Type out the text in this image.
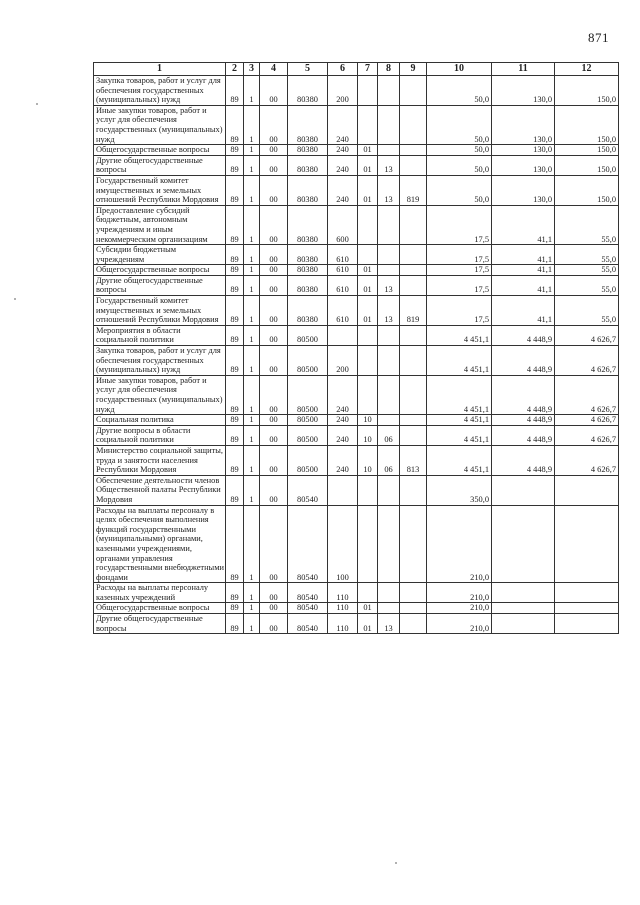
871
1	2	3	4	5	6	7	8	9	10	11	12
Закупка товаров, работ и услуг для обеспечения государственных (муниципальных) нужд	89	1	00	80380	200				50,0	130,0	150,0
Иные закупки товаров, работ и услуг для обеспечения государственных (муниципальных) нужд	89	1	00	80380	240				50,0	130,0	150,0
Общегосударственные вопросы	89	1	00	80380	240	01			50,0	130,0	150,0
Другие общегосударственные вопросы	89	1	00	80380	240	01	13		50,0	130,0	150,0
Государственный комитет имущественных и земельных отношений Республики Мордовия	89	1	00	80380	240	01	13	819	50,0	130,0	150,0
Предоставление субсидий бюджетным, автономным учреждениям и иным некоммерческим организациям	89	1	00	80380	600				17,5	41,1	55,0
Субсидии бюджетным учреждениям	89	1	00	80380	610				17,5	41,1	55,0
Общегосударственные вопросы	89	1	00	80380	610	01			17,5	41,1	55,0
Другие общегосударственные вопросы	89	1	00	80380	610	01	13		17,5	41,1	55,0
Государственный комитет имущественных и земельных отношений Республики Мордовия	89	1	00	80380	610	01	13	819	17,5	41,1	55,0
Мероприятия в области социальной политики	89	1	00	80500					4 451,1	4 448,9	4 626,7
Закупка товаров, работ и услуг для обеспечения государственных (муниципальных) нужд	89	1	00	80500	200				4 451,1	4 448,9	4 626,7
Иные закупки товаров, работ и услуг для обеспечения государственных (муниципальных) нужд	89	1	00	80500	240				4 451,1	4 448,9	4 626,7
Социальная политика	89	1	00	80500	240	10			4 451,1	4 448,9	4 626,7
Другие вопросы в области социальной политики	89	1	00	80500	240	10	06		4 451,1	4 448,9	4 626,7
Министерство социальной защиты, труда и занятости населения Республики Мордовия	89	1	00	80500	240	10	06	813	4 451,1	4 448,9	4 626,7
Обеспечение деятельности членов Общественной палаты Республики Мордовия	89	1	00	80540					350,0		
Расходы на выплаты персоналу в целях обеспечения выполнения функций государственными (муниципальными) органами, казенными учреждениями, органами управления государственными внебюджетными фондами	89	1	00	80540	100				210,0		
Расходы на выплаты персоналу казенных учреждений	89	1	00	80540	110				210,0		
Общегосударственные вопросы	89	1	00	80540	110	01			210,0		
Другие общегосударственные вопросы	89	1	00	80540	110	01	13		210,0		
